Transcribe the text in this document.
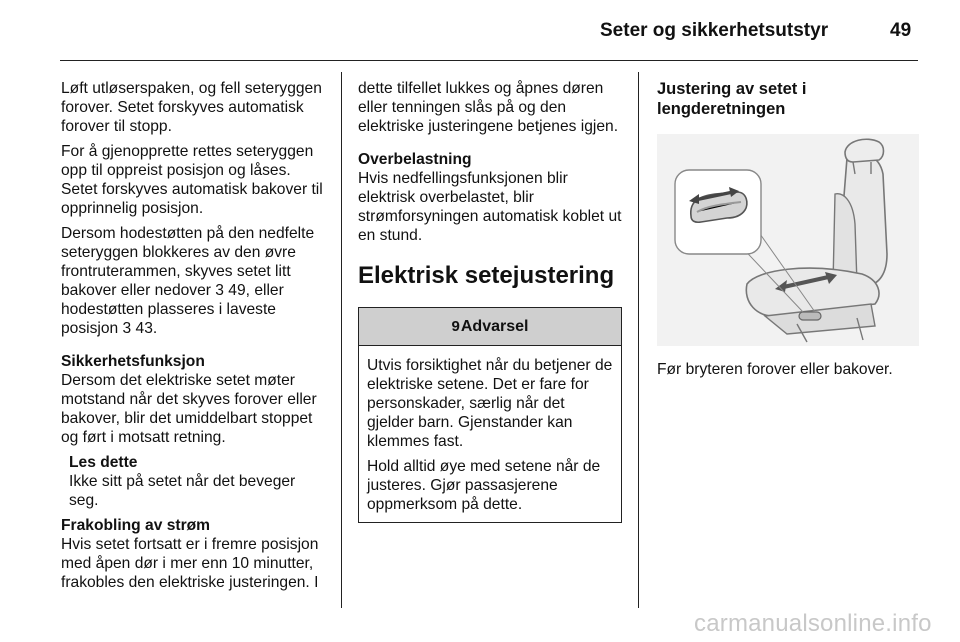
Seter og sikkerhetsutstyr	49

Løft utløserspaken, og fell seteryggen forover. Setet forskyves automatisk forover til stopp.

For å gjenopprette rettes seteryggen opp til oppreist posisjon og låses. Setet forskyves automatisk bakover til opprinnelig posisjon.

Dersom hodestøtten på den nedfelte seteryggen blokkeres av den øvre frontruterammen, skyves setet litt bakover eller nedover 3 49, eller hodestøtten plasseres i laveste posisjon 3 43.

Sikkerhetsfunksjon

Dersom det elektriske setet møter motstand når det skyves forover eller bakover, blir det umiddelbart stoppet og ført i motsatt retning.

Les dette

Ikke sitt på setet når det beveger seg.

Frakobling av strøm

Hvis setet fortsatt er i fremre posisjon med åpen dør i mer enn 10 minutter, frakobles den elektriske justeringen. I

dette tilfellet lukkes og åpnes døren eller tenningen slås på og den elektriske justeringene betjenes igjen.

Overbelastning

Hvis nedfellingsfunksjonen blir elektrisk overbelastet, blir strømforsyningen automatisk koblet ut en stund.

Elektrisk setejustering
9 Advarsel

Utvis forsiktighet når du betjener de elektriske setene. Det er fare for personskader, særlig når det gjelder barn. Gjenstander kan klemmes fast.

Hold alltid øye med setene når de justeres. Gjør passasjerene oppmerksom på dette.

Justering av setet i lengderetningen
Før bryteren forover eller bakover.
carmanualsonline.info
